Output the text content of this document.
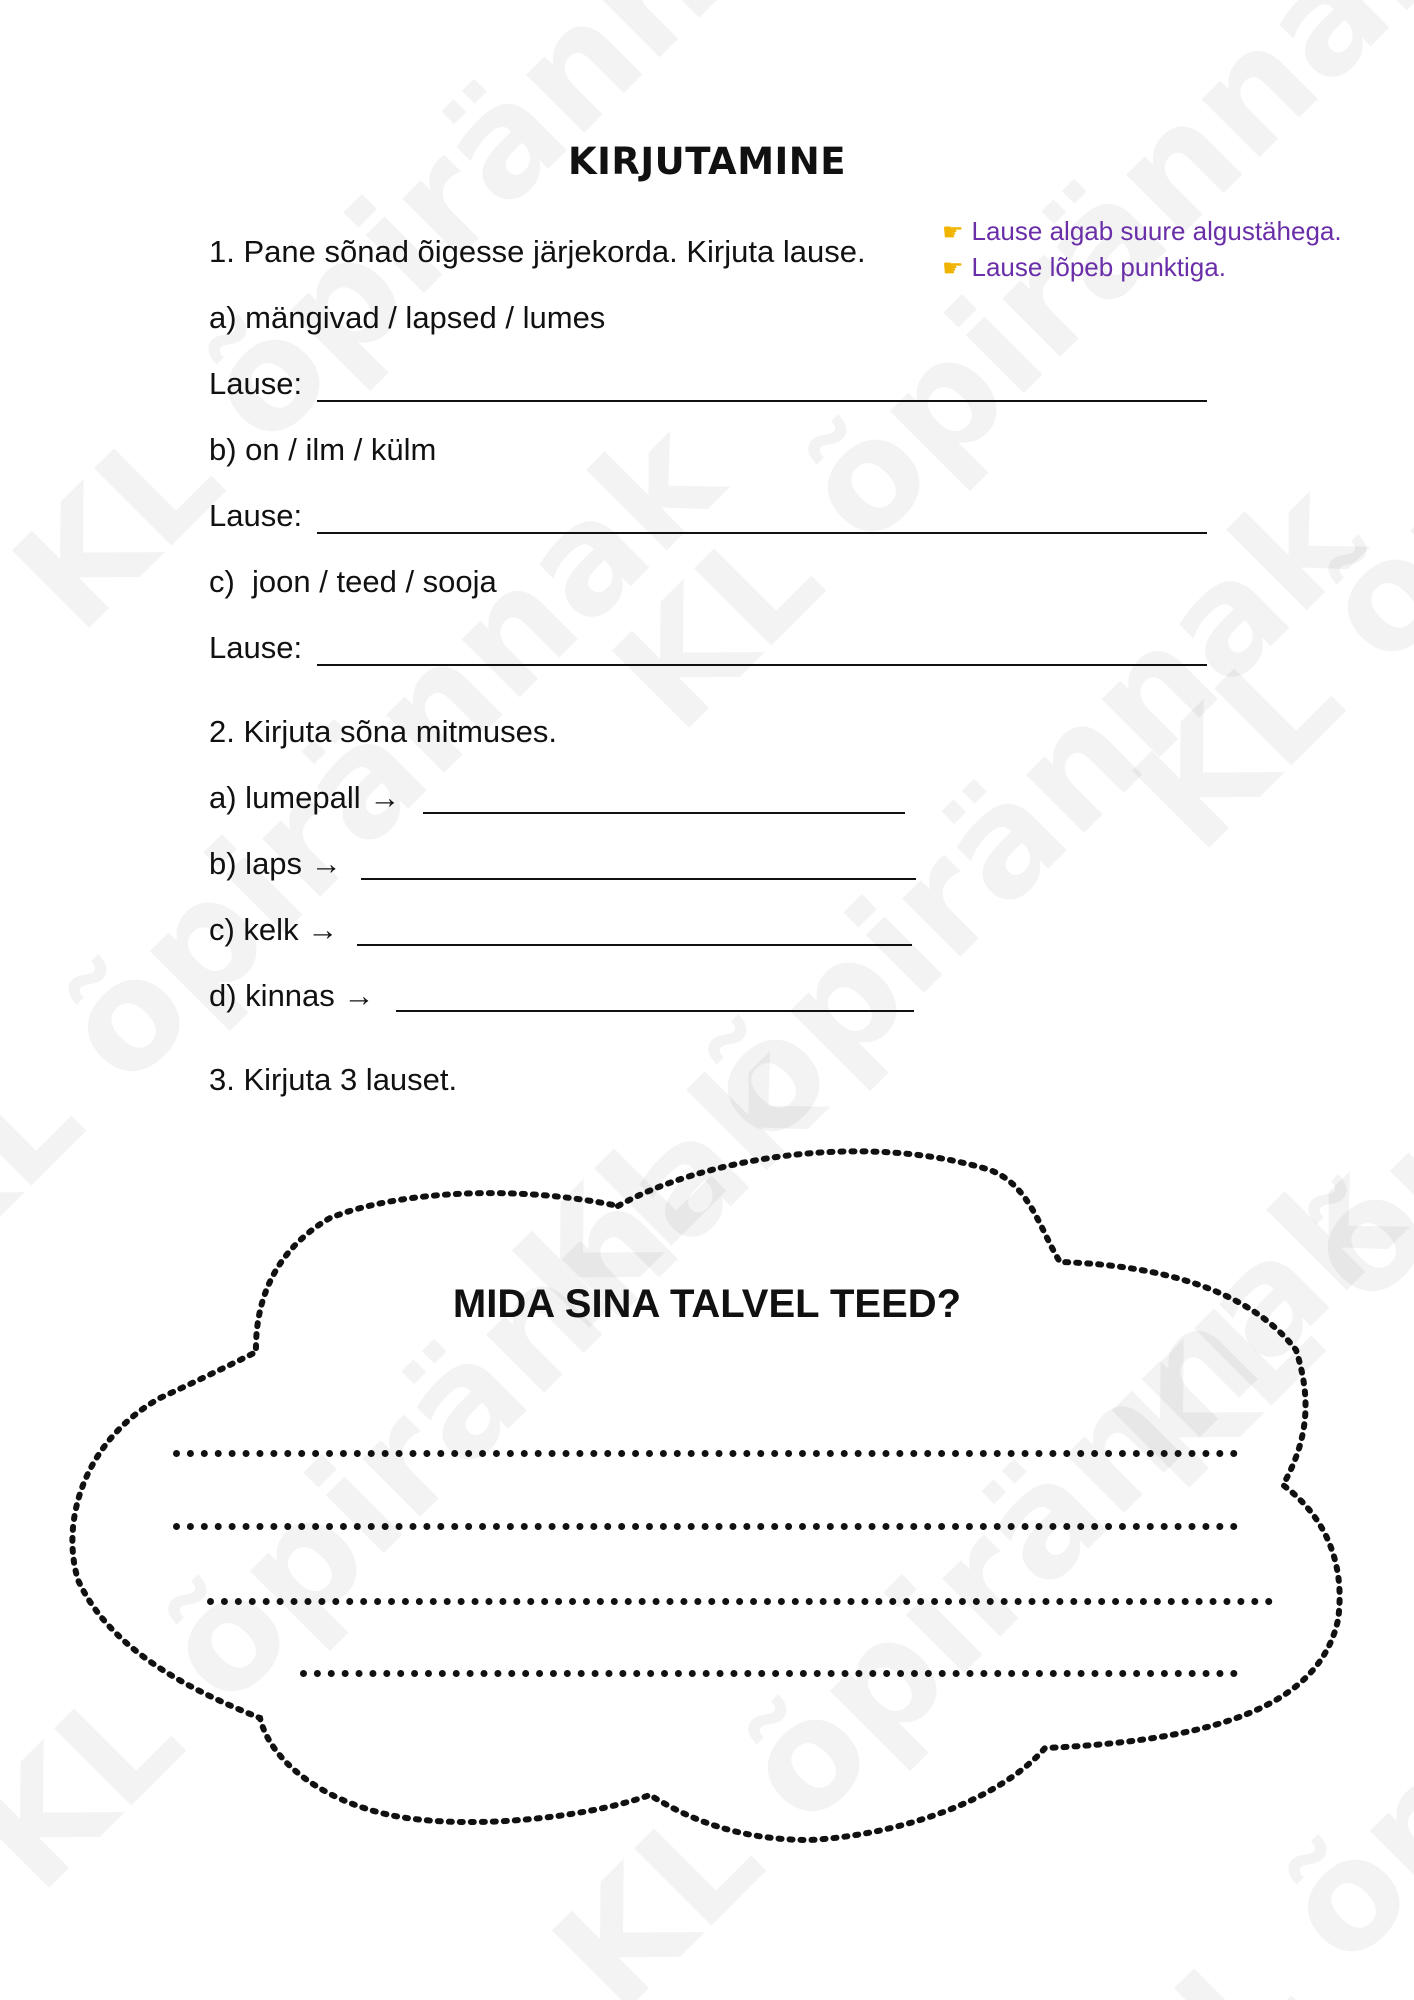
KIRJUTAMINE
☛ Lause algab suure algustähega.
☛ Lause lõpeb punktiga.
1. Pane sõnad õigesse järjekorda. Kirjuta lause.
a) mängivad / lapsed / lumes
Lause:
b) on / ilm / külm
Lause:
c)  joon / teed / sooja
Lause:
2. Kirjuta sõna mitmuses.
a) lumepall →
b) laps →
c) kelk →
d) kinnas →
3. Kirjuta 3 lauset.
MIDA SINA TALVEL TEED?
